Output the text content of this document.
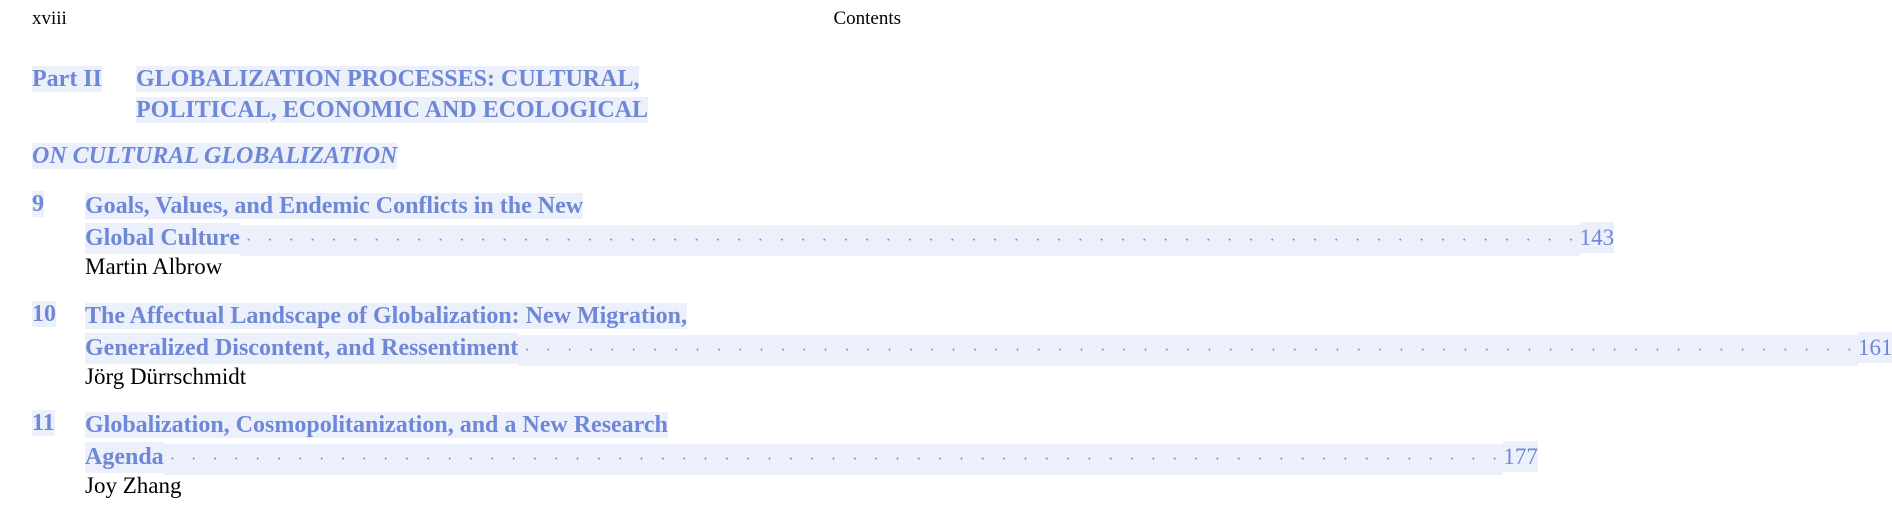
xviii	Contents
Part II GLOBALIZATION PROCESSES: CULTURAL,
POLITICAL, ECONOMIC AND ECOLOGICAL
ON CULTURAL GLOBALIZATION
9 Goals, Values, and Endemic Conflicts in the New
Global Culture · · · · · · · · · · · · · · · · · · · · · · · · · · · · · · · · · · · · · · · · · · · · · · · · · · · · · · · · · · · · · · · 143
Martin Albrow
10 The Affectual Landscape of Globalization: New Migration,
Generalized Discontent, and Ressentiment · · · · · · · · · · · · · · · · · · · · · · · · · · · · · · · · · · · · · · · · · · · · · · · · · · · · · · · · · · · · · · · 161
Jörg Dürrschmidt
11 Globalization, Cosmopolitanization, and a New Research
Agenda · · · · · · · · · · · · · · · · · · · · · · · · · · · · · · · · · · · · · · · · · · · · · · · · · · · · · · · · · · · · · · · 177
Joy Zhang
